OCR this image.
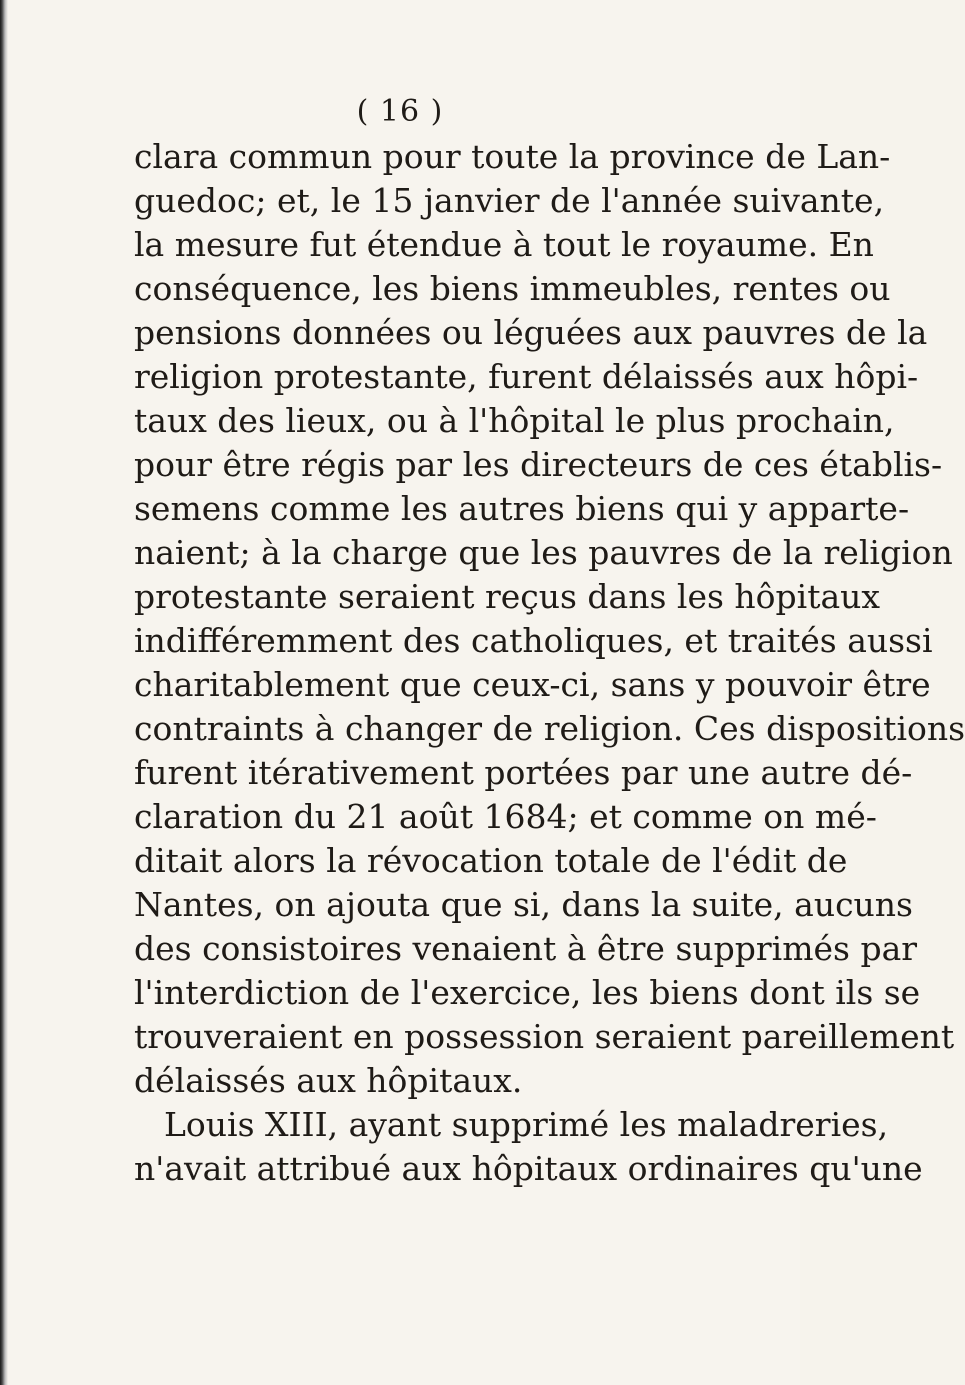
( 16 )
clara commun pour toute la province de Lan-
guedoc; et, le 15 janvier de l'année suivante,
la mesure fut étendue à tout le royaume. En
conséquence, les biens immeubles, rentes ou
pensions données ou léguées aux pauvres de la
religion protestante, furent délaissés aux hôpi-
taux des lieux, ou à l'hôpital le plus prochain,
pour être régis par les directeurs de ces établis-
semens comme les autres biens qui y apparte-
naient; à la charge que les pauvres de la religion
protestante seraient reçus dans les hôpitaux
indifféremment des catholiques, et traités aussi
charitablement que ceux-ci, sans y pouvoir être
contraints à changer de religion. Ces dispositions
furent itérativement portées par une autre dé-
claration du 21 août 1684; et comme on mé-
ditait alors la révocation totale de l'édit de
Nantes, on ajouta que si, dans la suite, aucuns
des consistoires venaient à être supprimés par
l'interdiction de l'exercice, les biens dont ils se
trouveraient en possession seraient pareillement
délaissés aux hôpitaux.
Louis XIII, ayant supprimé les maladreries,
n'avait attribué aux hôpitaux ordinaires qu'une
